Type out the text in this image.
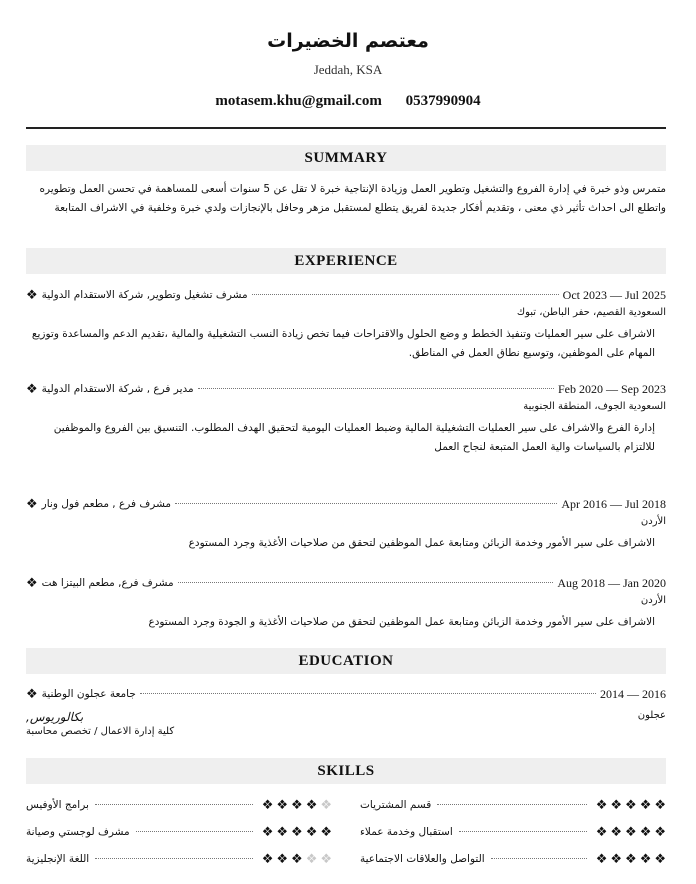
معتصم الخضيرات
Jeddah, KSA
motasem.khu@gmail.com 0537990904
SUMMARY
متمرس وذو خبرة في إدارة الفروع والتشغيل وتطوير العمل وزيادة الإنتاجية خبرة لا تقل عن 5 سنوات أسعى للمساهمة في تحسن العمل وتطويره واتطلع الى احداث تأثير ذي معنى ، وتقديم أفكار جديدة لفريق يتطلع لمستقبل مزهر وحافل بالإنجازات ولدي خبرة وخلفية في الاشراف المتابعة
EXPERIENCE
❖ مشرف تشغيل وتطوير, شركة الاستقدام الدولية	Oct 2023 — Jul 2025
السعودية القصيم، حفر الباطن، تبوك
الاشراف على سير العمليات وتنفيذ الخطط و وضع الحلول والاقتراحات فيما تخص زيادة النسب التشغيلية والمالية ،تقديم الدعم والمساعدة وتوزيع المهام على الموظفين، وتوسيع نطاق العمل في المناطق.
❖ مدير فرع , شركة الاستقدام الدولية	Feb 2020 — Sep 2023
السعودية الجوف، المنطقة الجنوبية
إدارة الفرع والاشراف على سير العمليات التشغيلية المالية وضبط العمليات اليومية لتحقيق الهدف المطلوب. التنسيق بين الفروع والموظفين للالتزام بالسياسات والية العمل المتبعة لنجاح العمل
❖ مشرف فرع , مطعم فول ونار	Apr 2016 — Jul 2018
الأردن
الاشراف على سير الأمور وخدمة الزبائن ومتابعة عمل الموظفين لتحقق من صلاحيات الأغذية وجرد المستودع
❖ مشرف فرع, مطعم البيتزا هت	Aug 2018 — Jan 2020
الأردن
الاشراف على سير الأمور وخدمة الزبائن ومتابعة عمل الموظفين لتحقق من صلاحيات الأغذية و الجودة وجرد المستودع
EDUCATION
❖ جامعة عجلون الوطنية	2014 — 2016
عجلون
بكالوريوس,
كلية إدارة الاعمال / تخصص محاسبة
SKILLS
برامج الأوفيس	❖ ❖ ❖ ❖ ❖	قسم المشتريات	❖ ❖ ❖ ❖ ❖
مشرف لوجستي وصيانة	❖ ❖ ❖ ❖ ❖	استقبال وخدمة عملاء	❖ ❖ ❖ ❖ ❖
اللغة الإنجليزية	❖ ❖ ❖ ❖ ❖	التواصل والعلاقات الاجتماعية	❖ ❖ ❖ ❖ ❖
